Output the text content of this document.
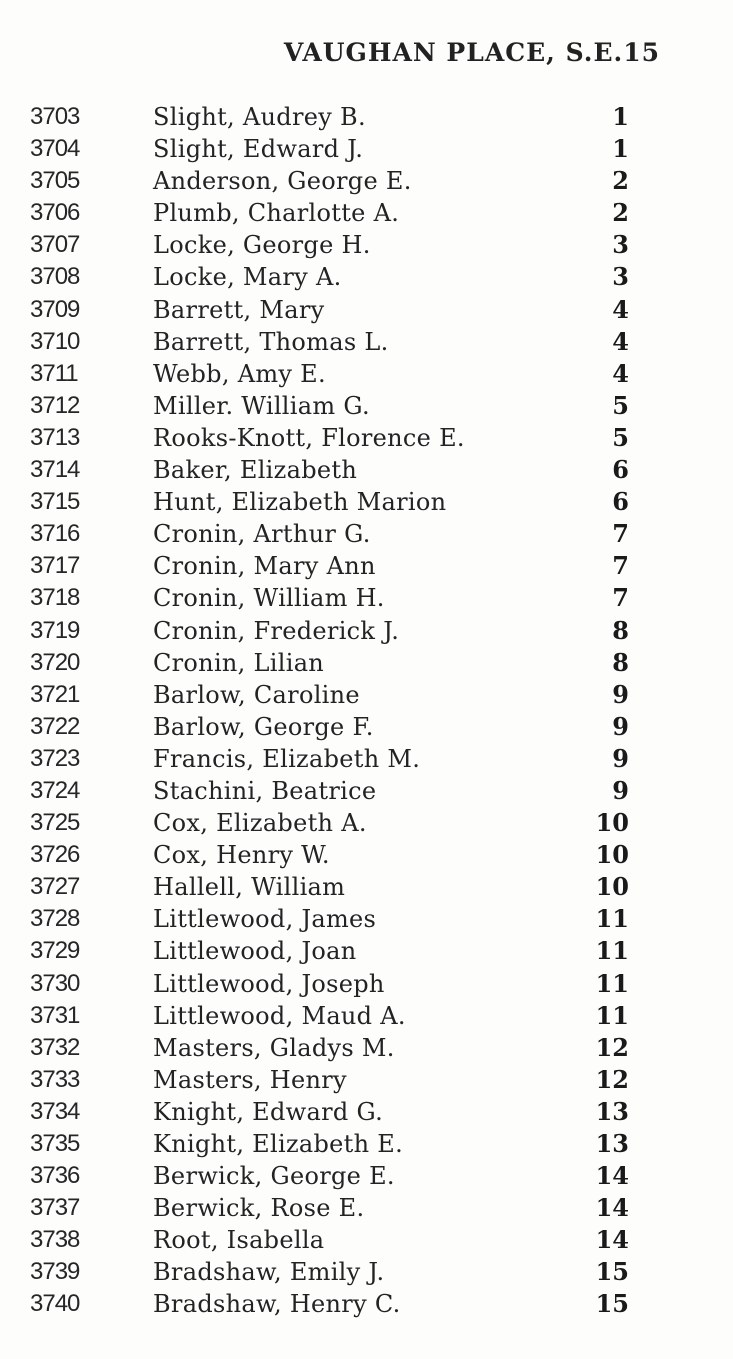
VAUGHAN PLACE, S.E.15
3703	Slight, Audrey B.	1
3704	Slight, Edward J.	1
3705	Anderson, George E.	2
3706	Plumb, Charlotte A.	2
3707	Locke, George H.	3
3708	Locke, Mary A.	3
3709	Barrett, Mary	4
3710	Barrett, Thomas L.	4
3711	Webb, Amy E.	4
3712	Miller. William G.	5
3713	Rooks-Knott, Florence E.	5
3714	Baker, Elizabeth	6
3715	Hunt, Elizabeth Marion	6
3716	Cronin, Arthur G.	7
3717	Cronin, Mary Ann	7
3718	Cronin, William H.	7
3719	Cronin, Frederick J.	8
3720	Cronin, Lilian	8
3721	Barlow, Caroline	9
3722	Barlow, George F.	9
3723	Francis, Elizabeth M.	9
3724	Stachini, Beatrice	9
3725	Cox, Elizabeth A.	10
3726	Cox, Henry W.	10
3727	Hallell, William	10
3728	Littlewood, James	11
3729	Littlewood, Joan	11
3730	Littlewood, Joseph	11
3731	Littlewood, Maud A.	11
3732	Masters, Gladys M.	12
3733	Masters, Henry	12
3734	Knight, Edward G.	13
3735	Knight, Elizabeth E.	13
3736	Berwick, George E.	14
3737	Berwick, Rose E.	14
3738	Root, Isabella	14
3739	Bradshaw, Emily J.	15
3740	Bradshaw, Henry C.	15
